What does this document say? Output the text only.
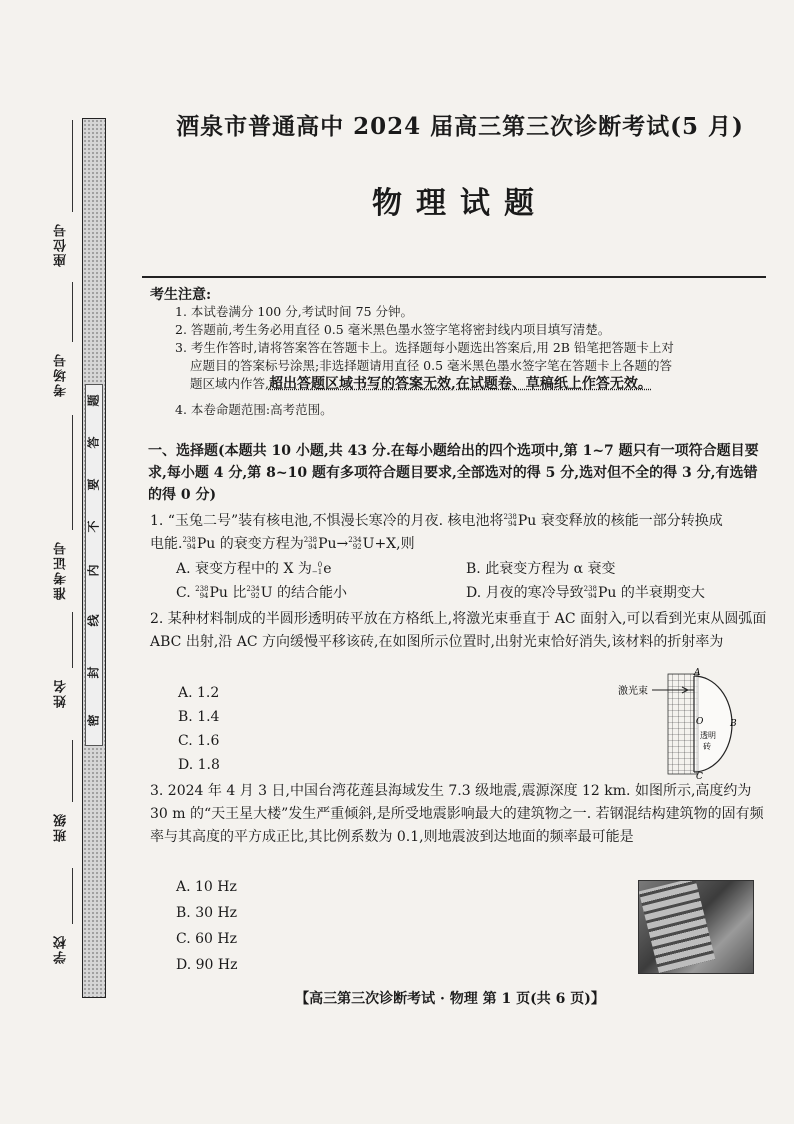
座位号
考场号
准考证号
姓名
班级
学校
密
封
线
内
不
要
答
题
酒泉市普通高中 2024 届高三第三次诊断考试(5 月)
物理试题
考生注意:
1. 本试卷满分 100 分,考试时间 75 分钟。
2. 答题前,考生务必用直径 0.5 毫米黑色墨水签字笔将密封线内项目填写清楚。
3. 考生作答时,请将答案答在答题卡上。选择题每小题选出答案后,用 2B 铅笔把答题卡上对
应题目的答案标号涂黑;非选择题请用直径 0.5 毫米黑色墨水签字笔在答题卡上各题的答
题区域内作答,超出答题区域书写的答案无效,在试题卷、草稿纸上作答无效。
4. 本卷命题范围:高考范围。
一、选择题(本题共 10 小题,共 43 分.在每小题给出的四个选项中,第 1~7 题只有一项符合题目要求,每小题 4 分,第 8~10 题有多项符合题目要求,全部选对的得 5 分,选对但不全的得 3 分,有选错的得 0 分)
1. “玉兔二号”装有核电池,不惧漫长寒冷的月夜. 核电池将 238
94 Pu 衰变释放的核能一部分转换成
电能. 238
94 Pu 的衰变方程为 238
94 Pu→ 234
92 U+X,则
A. 衰变方程中的 X 为 0
−1 e	B. 此衰变方程为 α 衰变
C. 238
94 Pu 比 234
92 U 的结合能小	D. 月夜的寒冷导致 238
94 Pu 的半衰期变大
2. 某种材料制成的半圆形透明砖平放在方格纸上,将激光束垂直于 AC 面射入,可以看到光束从圆弧面 ABC 出射,沿 AC 方向缓慢平移该砖,在如图所示位置时,出射光束恰好消失,该材料的折射率为
A. 1.2
B. 1.4
C. 1.6
D. 1.8
激光束
A
B
C
O
透明
砖
3. 2024 年 4 月 3 日,中国台湾花莲县海域发生 7.3 级地震,震源深度 12 km. 如图所示,高度约为 30 m 的“天王星大楼”发生严重倾斜,是所受地震影响最大的建筑物之一. 若钢混结构建筑物的固有频率与其高度的平方成正比,其比例系数为 0.1,则地震波到达地面的频率最可能是
A. 10 Hz
B. 30 Hz
C. 60 Hz
D. 90 Hz
【高三第三次诊断考试 · 物理 第 1 页(共 6 页)】
